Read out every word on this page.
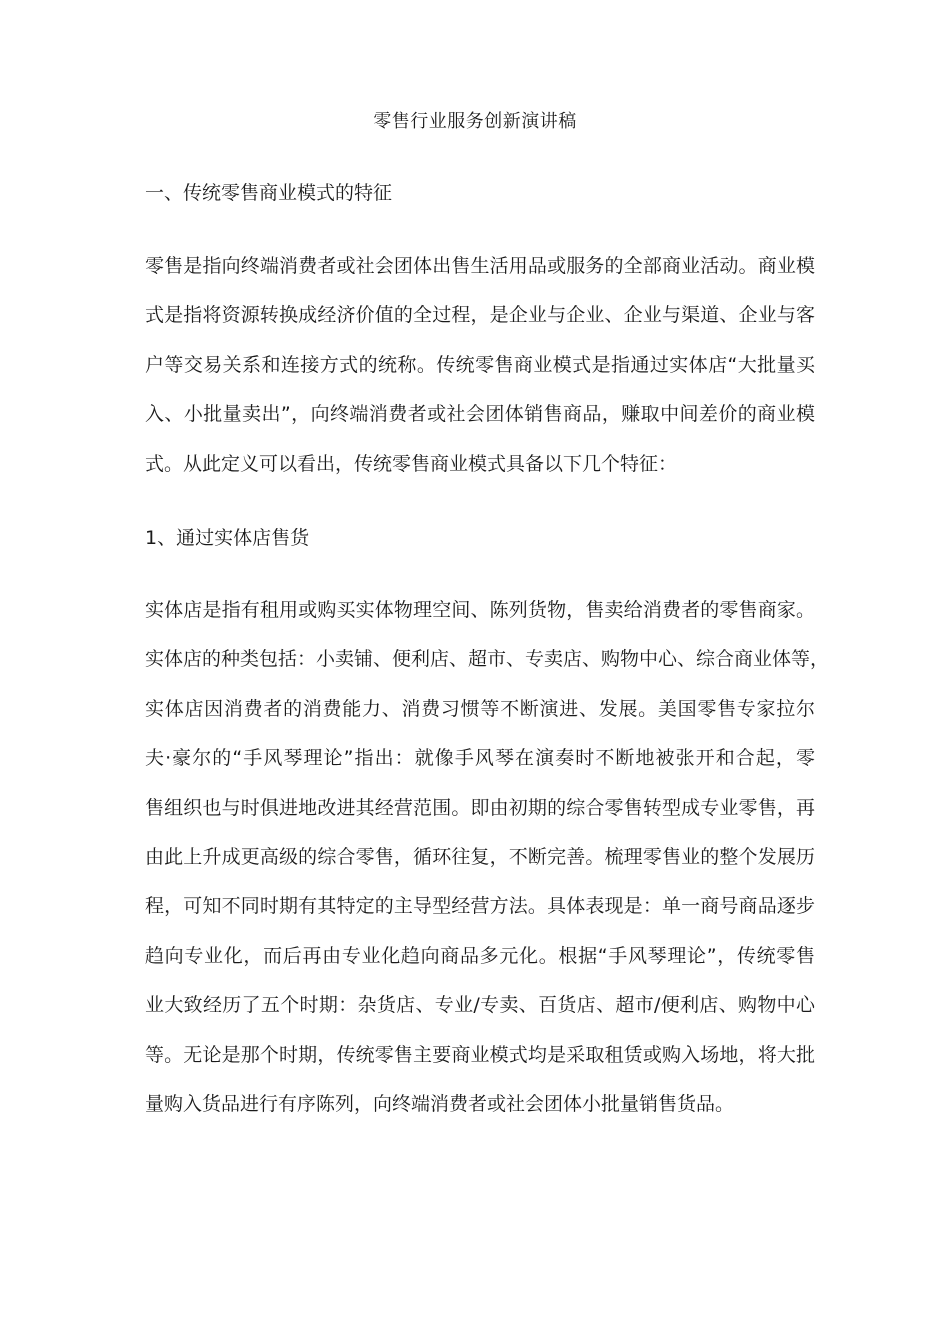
零售行业服务创新演讲稿
一、传统零售商业模式的特征
零售是指向终端消费者或社会团体出售生活用品或服务的全部商业活动。商业模
式是指将资源转换成经济价值的全过程，是企业与企业、企业与渠道、企业与客
户等交易关系和连接方式的统称。传统零售商业模式是指通过实体店“大批量买
入、小批量卖出”，向终端消费者或社会团体销售商品，赚取中间差价的商业模
式。从此定义可以看出，传统零售商业模式具备以下几个特征：
1、通过实体店售货
实体店是指有租用或购买实体物理空间、陈列货物，售卖给消费者的零售商家。
实体店的种类包括：小卖铺、便利店、超市、专卖店、购物中心、综合商业体等，
实体店因消费者的消费能力、消费习惯等不断演进、发展。美国零售专家拉尔
夫·豪尔的“手风琴理论”指出：就像手风琴在演奏时不断地被张开和合起，零
售组织也与时俱进地改进其经营范围。即由初期的综合零售转型成专业零售，再
由此上升成更高级的综合零售，循环往复，不断完善。梳理零售业的整个发展历
程，可知不同时期有其特定的主导型经营方法。具体表现是：单一商号商品逐步
趋向专业化，而后再由专业化趋向商品多元化。根据“手风琴理论”，传统零售
业大致经历了五个时期：杂货店、专业/专卖、百货店、超市/便利店、购物中心
等。无论是那个时期，传统零售主要商业模式均是采取租赁或购入场地，将大批
量购入货品进行有序陈列，向终端消费者或社会团体小批量销售货品。
